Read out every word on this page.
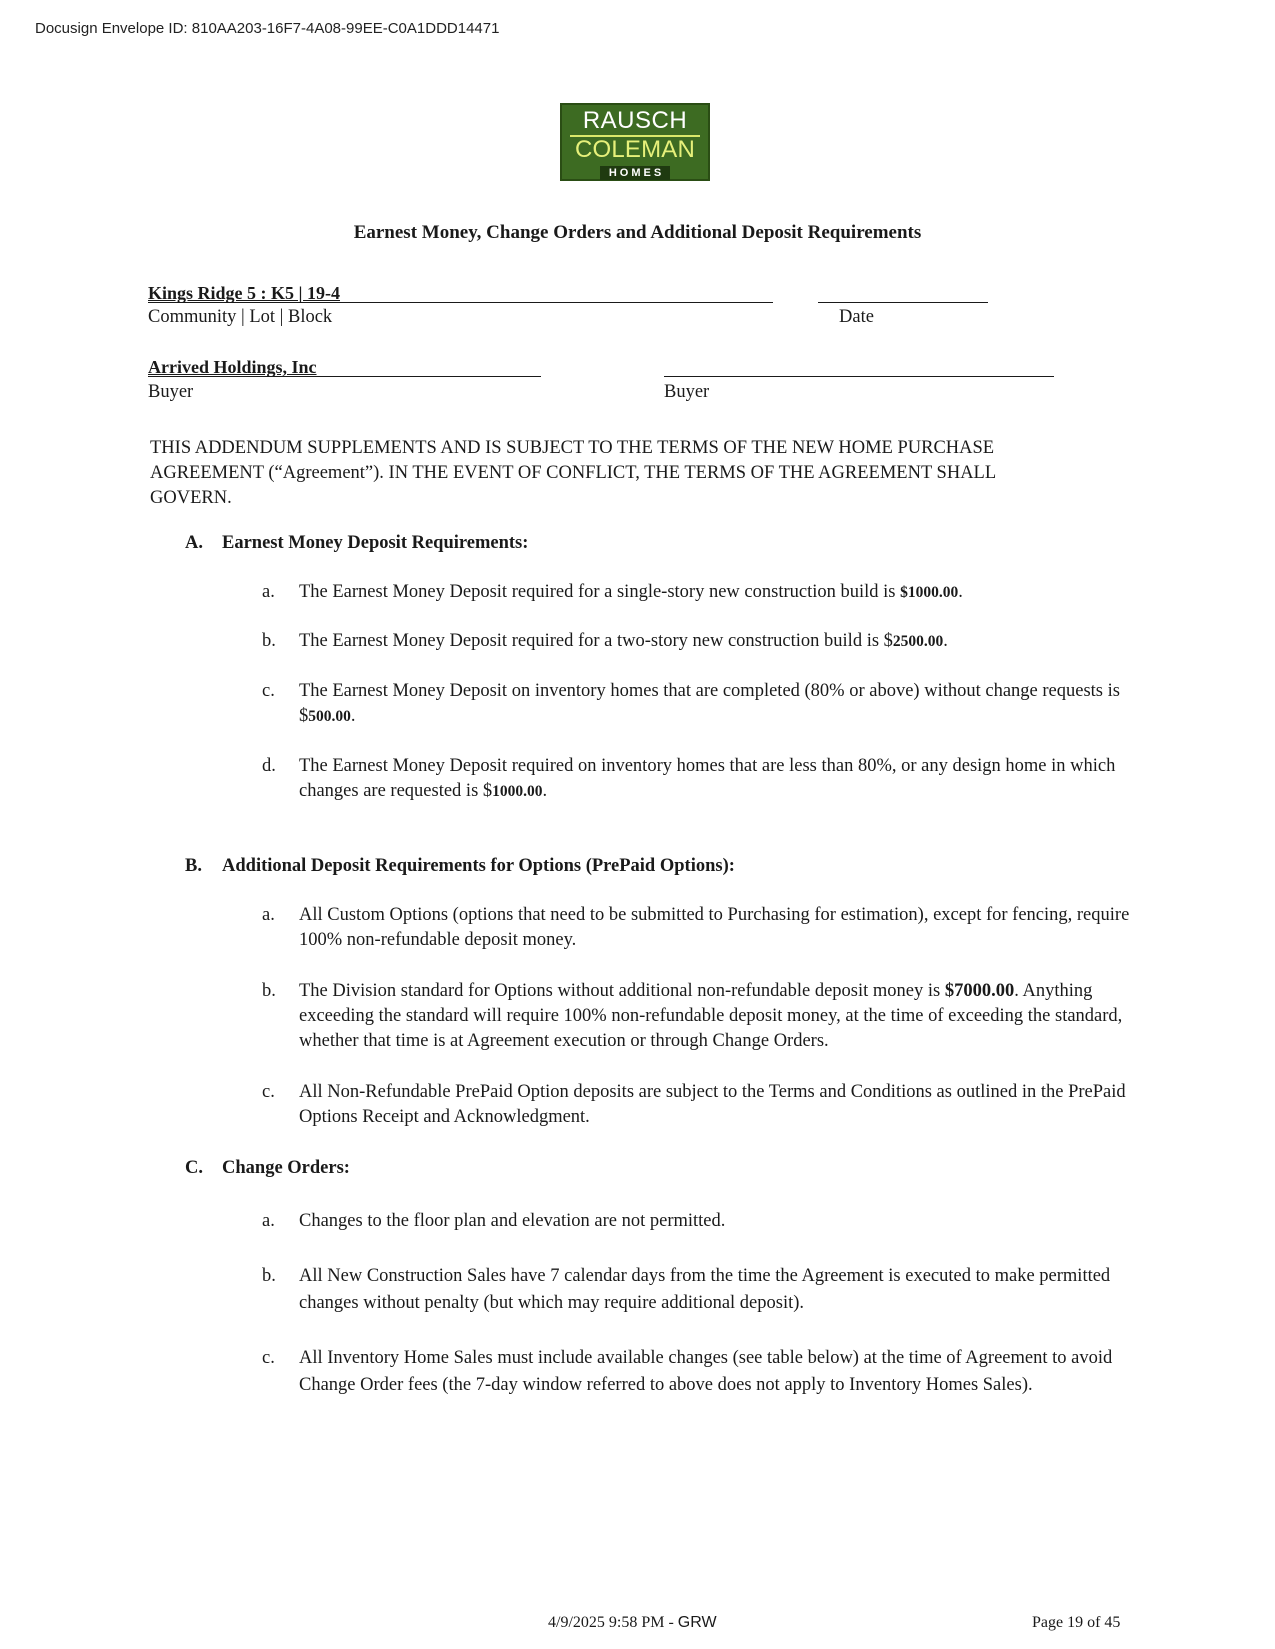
Docusign Envelope ID: 810AA203-16F7-4A08-99EE-C0A1DDD14471
RAUSCH
COLEMAN
HOMES
Earnest Money, Change Orders and Additional Deposit Requirements
Kings Ridge 5 : K5 | 19-4
Community | Lot | Block	Date
Arrived Holdings, Inc
Buyer	Buyer
THIS ADDENDUM SUPPLEMENTS AND IS SUBJECT TO THE TERMS OF THE NEW HOME PURCHASE AGREEMENT (“Agreement”). IN THE EVENT OF CONFLICT, THE TERMS OF THE AGREEMENT SHALL GOVERN.
A. Earnest Money Deposit Requirements:
a. The Earnest Money Deposit required for a single-story new construction build is $1000.00.
b. The Earnest Money Deposit required for a two-story new construction build is $2500.00.
c. The Earnest Money Deposit on inventory homes that are completed (80% or above) without change requests is $500.00.
d. The Earnest Money Deposit required on inventory homes that are less than 80%, or any design home in which changes are requested is $1000.00.
B. Additional Deposit Requirements for Options (PrePaid Options):
a. All Custom Options (options that need to be submitted to Purchasing for estimation), except for fencing, require 100% non-refundable deposit money.
b. The Division standard for Options without additional non-refundable deposit money is $7000.00. Anything exceeding the standard will require 100% non-refundable deposit money, at the time of exceeding the standard, whether that time is at Agreement execution or through Change Orders.
c. All Non-Refundable PrePaid Option deposits are subject to the Terms and Conditions as outlined in the PrePaid Options Receipt and Acknowledgment.
C. Change Orders:
a. Changes to the floor plan and elevation are not permitted.
b. All New Construction Sales have 7 calendar days from the time the Agreement is executed to make permitted changes without penalty (but which may require additional deposit).
c. All Inventory Home Sales must include available changes (see table below) at the time of Agreement to avoid Change Order fees (the 7-day window referred to above does not apply to Inventory Homes Sales).
4/9/2025 9:58 PM - GRW	Page 19 of 45
